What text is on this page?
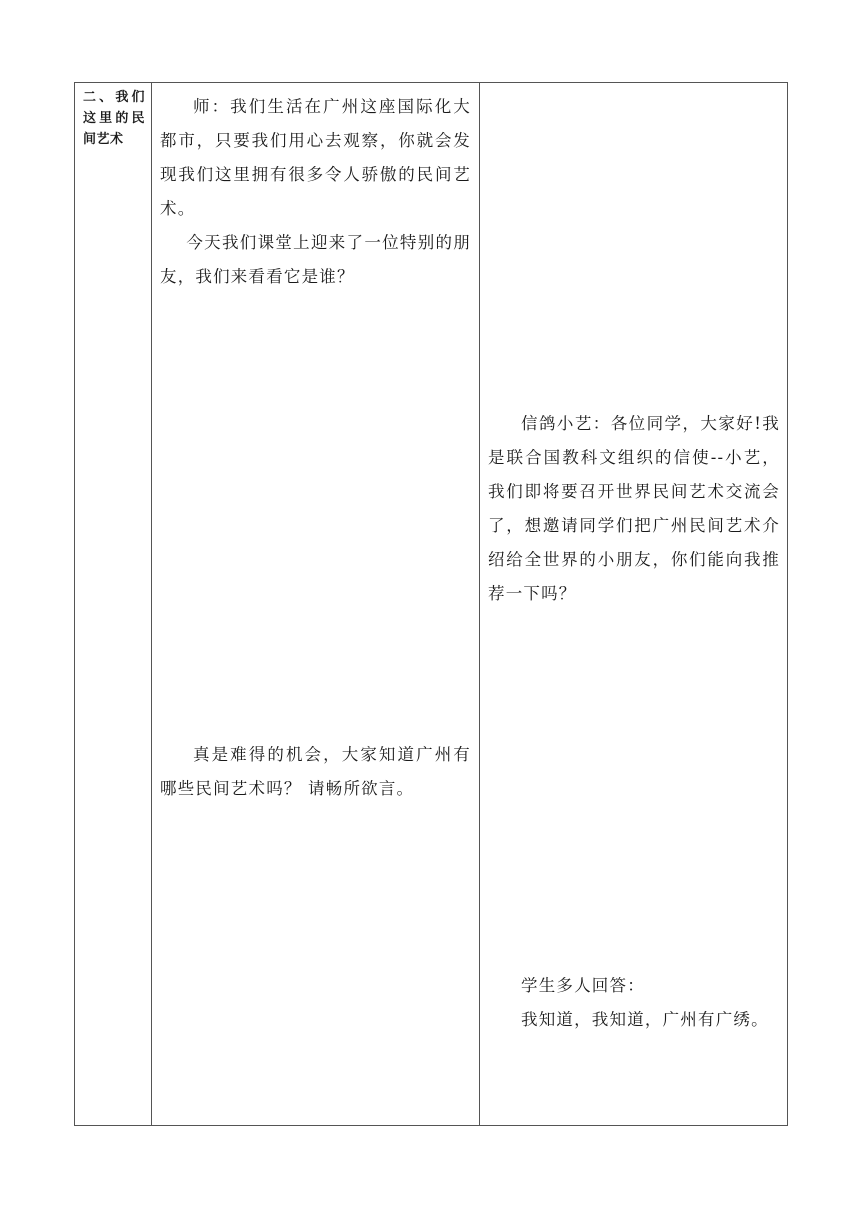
二、我们这里的民间艺术

师：我们生活在广州这座国际化大都市，只要我们用心去观察，你就会发现我们这里拥有很多令人骄傲的民间艺术。

今天我们课堂上迎来了一位特别的朋友，我们来看看它是谁？

真是难得的机会，大家知道广州有哪些民间艺术吗？ 请畅所欲言。

信鸽小艺：各位同学，大家好!我是联合国教科文组织的信使--小艺，我们即将要召开世界民间艺术交流会了，想邀请同学们把广州民间艺术介绍给全世界的小朋友，你们能向我推荐一下吗？

学生多人回答：

我知道，我知道，广州有广绣。
